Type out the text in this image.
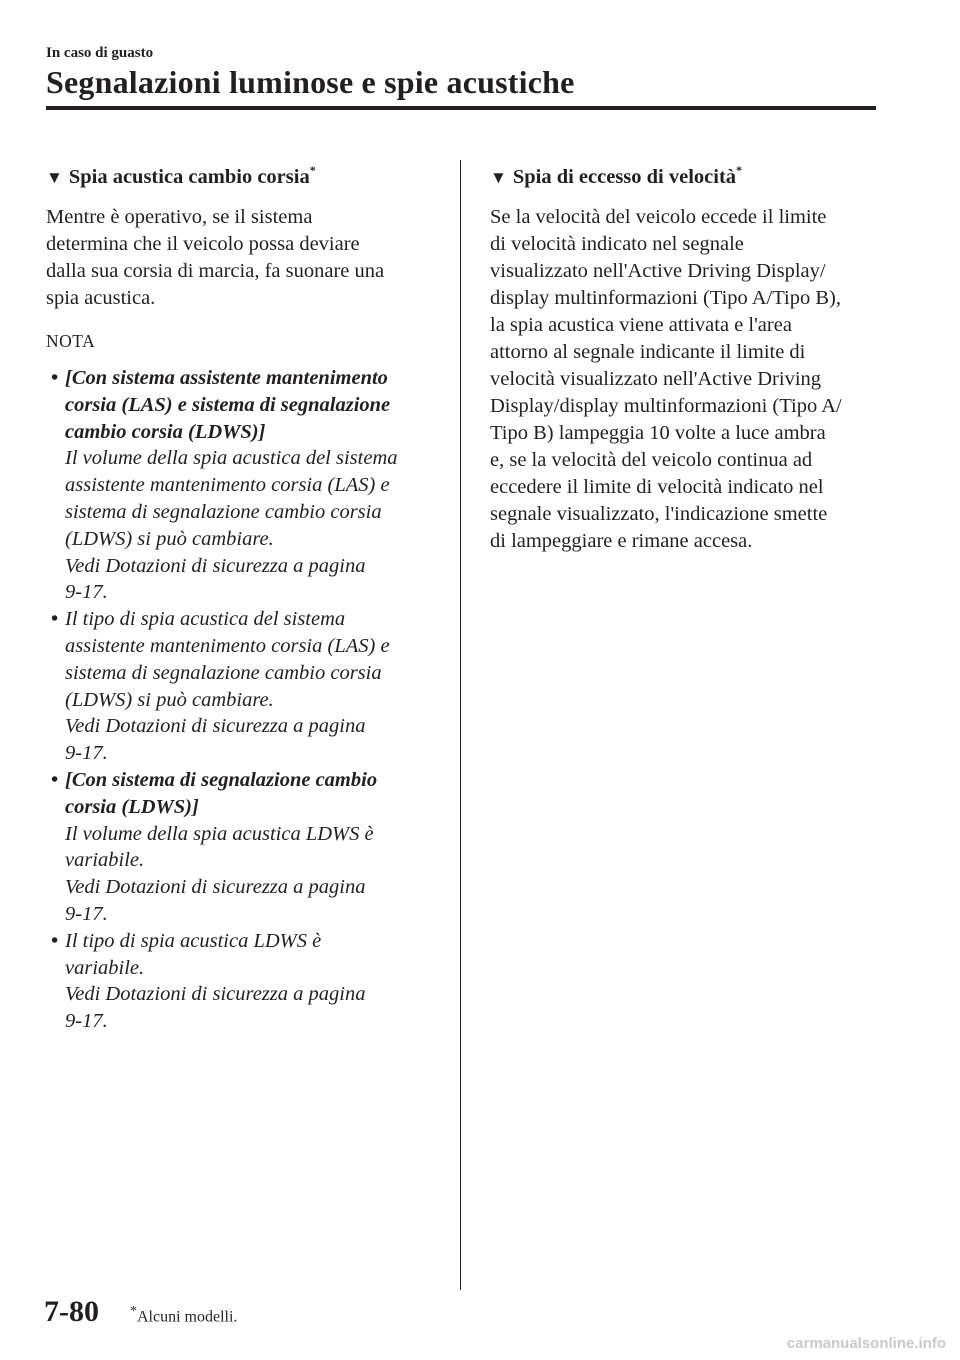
In caso di guasto
Segnalazioni luminose e spie acustiche
▼ Spia acustica cambio corsia*
Mentre è operativo, se il sistema
determina che il veicolo possa deviare
dalla sua corsia di marcia, fa suonare una
spia acustica.
NOTA
• [Con sistema assistente mantenimento
corsia (LAS) e sistema di segnalazione
cambio corsia (LDWS)]
Il volume della spia acustica del sistema
assistente mantenimento corsia (LAS) e
sistema di segnalazione cambio corsia
(LDWS) si può cambiare.
Vedi Dotazioni di sicurezza a pagina
9-17.
• Il tipo di spia acustica del sistema
assistente mantenimento corsia (LAS) e
sistema di segnalazione cambio corsia
(LDWS) si può cambiare.
Vedi Dotazioni di sicurezza a pagina
9-17.
• [Con sistema di segnalazione cambio
corsia (LDWS)]
Il volume della spia acustica LDWS è
variabile.
Vedi Dotazioni di sicurezza a pagina
9-17.
• Il tipo di spia acustica LDWS è
variabile.
Vedi Dotazioni di sicurezza a pagina
9-17.
▼ Spia di eccesso di velocità*
Se la velocità del veicolo eccede il limite
di velocità indicato nel segnale
visualizzato nell'Active Driving Display/
display multinformazioni (Tipo A/Tipo B),
la spia acustica viene attivata e l'area
attorno al segnale indicante il limite di
velocità visualizzato nell'Active Driving
Display/display multinformazioni (Tipo A/
Tipo B) lampeggia 10 volte a luce ambra
e, se la velocità del veicolo continua ad
eccedere il limite di velocità indicato nel
segnale visualizzato, l'indicazione smette
di lampeggiare e rimane accesa.
7-80 *Alcuni modelli.
carmanualsonline.info
